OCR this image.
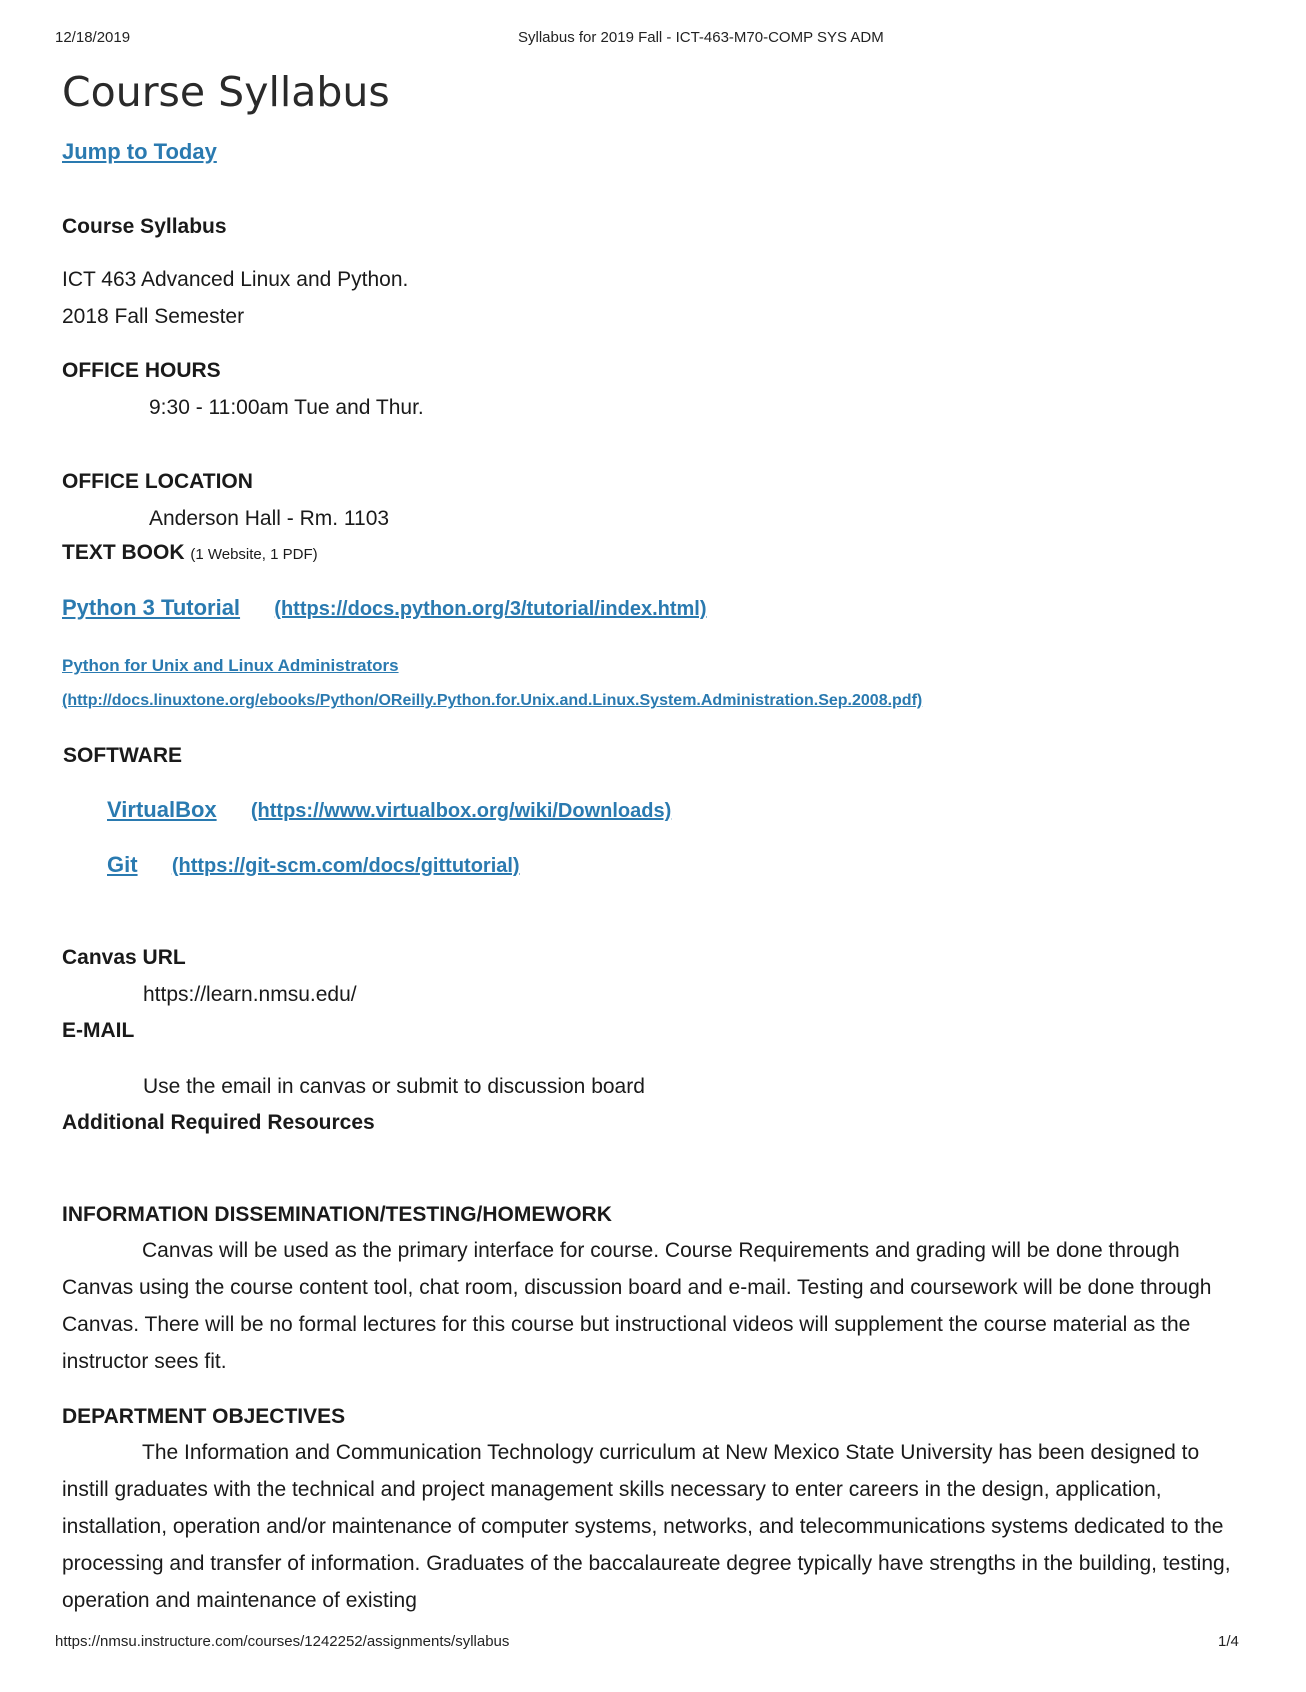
12/18/2019	Syllabus for 2019 Fall - ICT-463-M70-COMP SYS ADM
Course Syllabus
Jump to Today
Course Syllabus
ICT 463 Advanced Linux and Python.
2018 Fall Semester
OFFICE HOURS
9:30 - 11:00am Tue and Thur.
OFFICE LOCATION
Anderson Hall - Rm. 1103
TEXT BOOK (1 Website, 1 PDF)
Python 3 Tutorial (https://docs.python.org/3/tutorial/index.html)
Python for Unix and Linux Administrators
(http://docs.linuxtone.org/ebooks/Python/OReilly.Python.for.Unix.and.Linux.System.Administration.Sep.2008.pdf)
SOFTWARE
VirtualBox (https://www.virtualbox.org/wiki/Downloads)
Git (https://git-scm.com/docs/gittutorial)
Canvas URL
https://learn.nmsu.edu/
E-MAIL
Use the email in canvas or submit to discussion board
Additional Required Resources
INFORMATION DISSEMINATION/TESTING/HOMEWORK

Canvas will be used as the primary interface for course. Course Requirements and grading will be done through Canvas using the course content tool, chat room, discussion board and e-mail. Testing and coursework will be done through Canvas. There will be no formal lectures for this course but instructional videos will supplement the course material as the instructor sees fit.

DEPARTMENT OBJECTIVES

The Information and Communication Technology curriculum at New Mexico State University has been designed to instill graduates with the technical and project management skills necessary to enter careers in the design, application, installation, operation and/or maintenance of computer systems, networks, and telecommunications systems dedicated to the processing and transfer of information. Graduates of the baccalaureate degree typically have strengths in the building, testing, operation and maintenance of existing

https://nmsu.instructure.com/courses/1242252/assignments/syllabus	1/4
